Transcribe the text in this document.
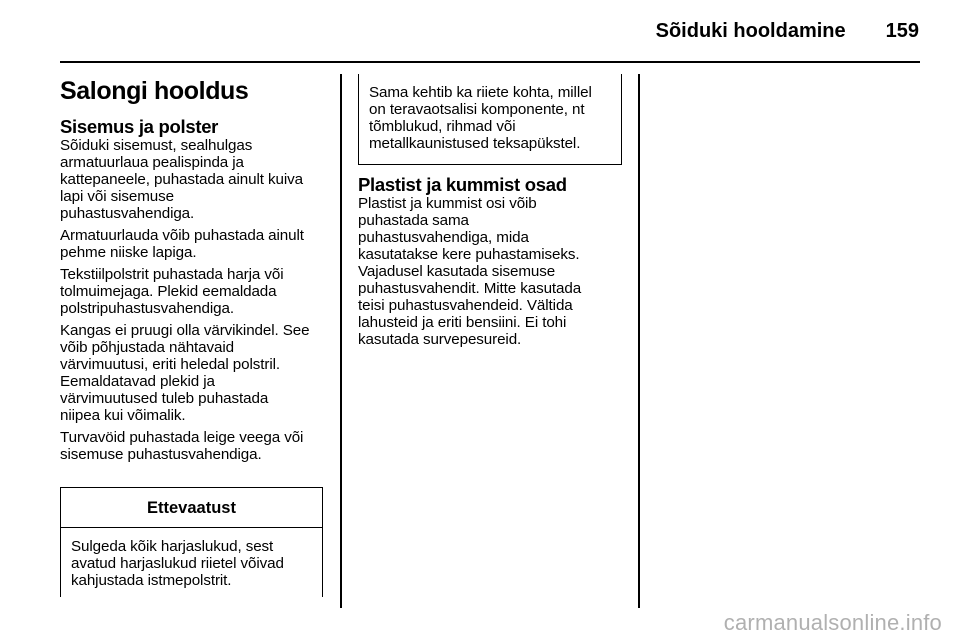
Sõiduki hooldamine 159
Salongi hooldus
Sisemus ja polster
Sõiduki sisemust, sealhulgas
armatuurlaua pealispinda ja
kattepaneele, puhastada ainult kuiva
lapi või sisemuse
puhastusvahendiga.
Armatuurlauda võib puhastada ainult
pehme niiske lapiga.
Tekstiilpolstrit puhastada harja või
tolmuimejaga. Plekid eemaldada
polstripuhastusvahendiga.
Kangas ei pruugi olla värvikindel. See
võib põhjustada nähtavaid
värvimuutusi, eriti heledal polstril.
Eemaldatavad plekid ja
värvimuutused tuleb puhastada
niipea kui võimalik.
Turvavöid puhastada leige veega või
sisemuse puhastusvahendiga.
Ettevaatust
Sulgeda kõik harjaslukud, sest
avatud harjaslukud riietel võivad
kahjustada istmepolstrit.
Sama kehtib ka riiete kohta, millel
on teravaotsalisi komponente, nt
tõmblukud, rihmad või
metallkaunistused teksapükstel.
Plastist ja kummist osad
Plastist ja kummist osi võib
puhastada sama
puhastusvahendiga, mida
kasutatakse kere puhastamiseks.
Vajadusel kasutada sisemuse
puhastusvahendit. Mitte kasutada
teisi puhastusvahendeid. Vältida
lahusteid ja eriti bensiini. Ei tohi
kasutada survepesureid.
carmanualsonline.info
